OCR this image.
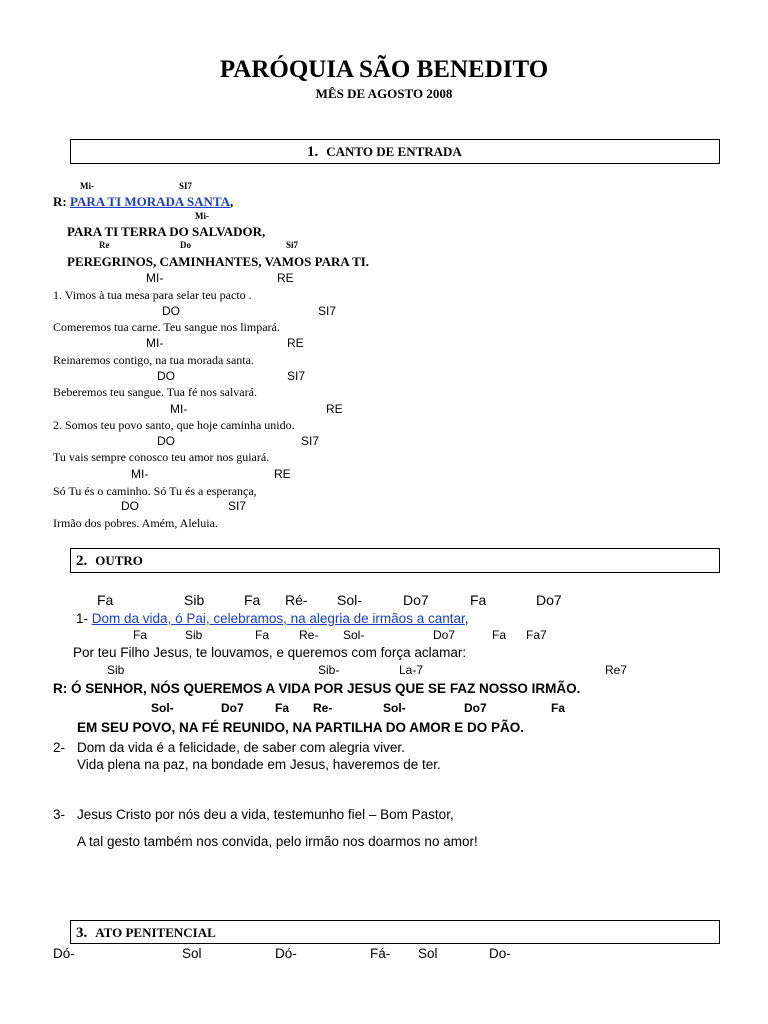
PARÓQUIA SÃO BENEDITO
MÊS DE AGOSTO 2008
1. CANTO DE ENTRADA
Mi-	SI7
R: PARA TI MORADA SANTA,
Mi-
PARA TI TERRA DO SALVADOR,
Re	Do	Si7
PEREGRINOS, CAMINHANTES, VAMOS PARA TI.
MI-	RE
1. Vimos à tua mesa para selar teu pacto .
DO	SI7
Comeremos tua carne. Teu sangue nos limpará.
MI-	RE
Reinaremos contigo, na tua morada santa.
DO	SI7
Beberemos teu sangue. Tua fé nos salvará.
MI-	RE
2. Somos teu povo santo, que hoje caminha unido.
DO	SI7
Tu vais sempre conosco teu amor nos guiará.
MI-	RE
Só Tu és o caminho. Só Tu és a esperança,
DO	SI7
Irmão dos pobres. Amém, Aleluia.
2. OUTRO
Fa	Sib	Fa Ré- Sol-	Do7	Fa	Do7
1- Dom da vida, ó Pai, celebramos, na alegria de irmãos a cantar,
Fa	Sib	Fa Re- Sol-	Do7	Fa Fa7
Por teu Filho Jesus, te louvamos, e queremos com força aclamar:
Sib	Sib-	La-7	Re7
R: Ó SENHOR, NÓS QUEREMOS A VIDA POR JESUS QUE SE FAZ NOSSO IRMÃO.
Sol-	Do7	Fa Re-	Sol-	Do7	Fa
EM SEU POVO, NA FÉ REUNIDO, NA PARTILHA DO AMOR E DO PÃO.
2- Dom da vida é a felicidade, de saber com alegria viver.
Vida plena na paz, na bondade em Jesus, haveremos de ter.
3- Jesus Cristo por nós deu a vida, testemunho fiel – Bom Pastor,
A tal gesto também nos convida, pelo irmão nos doarmos no amor!
3. ATO PENITENCIAL
Dó-	Sol	Dó-	Fá- Sol	Do-
